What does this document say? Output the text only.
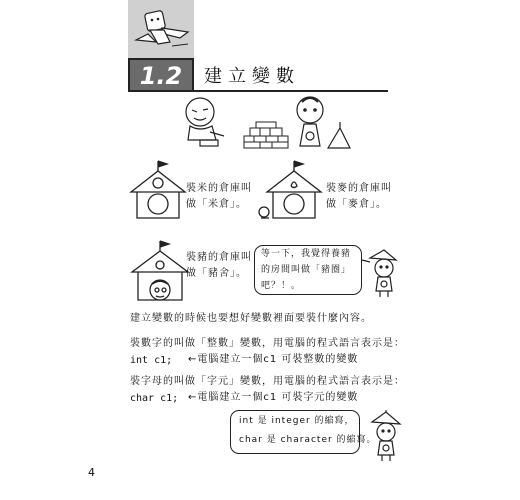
1.2	建立變數
裝米的倉庫叫
做「米倉」。
裝麥的倉庫叫
做「麥倉」。
裝豬的倉庫叫
做「豬舍」。
等一下，我覺得養豬
的房間叫做「豬圈」
吧？！。
建立變數的時候也要想好變數裡面要裝什麼內容。
裝數字的叫做「整數」變數，用電腦的程式語言表示是：
int c1; ←電腦建立一個c1 可裝整數的變數
裝字母的叫做「字元」變數，用電腦的程式語言表示是：
char c1; ←電腦建立一個c1 可裝字元的變數
int 是 integer 的縮寫，
char 是 character 的縮寫。
4
